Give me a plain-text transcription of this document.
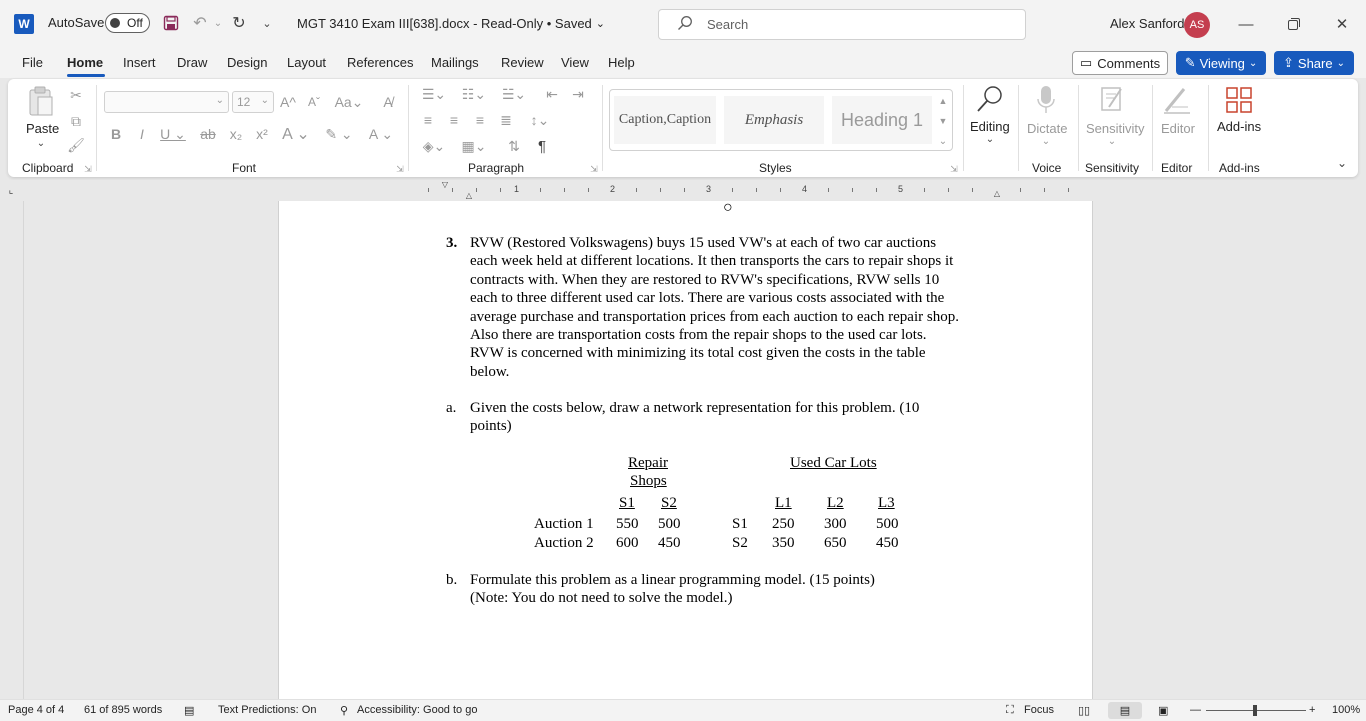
W	AutoSave Off	↶ ⌄ ↻	⌄	MGT 3410 Exam III[638].docx - Read-Only • Saved ⌄	Search	Alex Sanford AS	—	✕
File Home Insert Draw Design Layout References Mailings Review View Help	▭ Comments ✎ Viewing ⌄ ⇪ Share ⌄
Paste
⌄
✂
⧉
🖌
Clipboard ⇲
⌄	12 ⌄ A^	Aˇ Aa⌄	A̸
B	I	U ⌄ ab x₂ x² A ⌄ ✎ ⌄	A ⌄
Font	⇲
☰⌄ ☷⌄ ☱⌄ ⇤ ⇥
≡	≡	≡	≣	↕⌄
◈⌄	▦⌄ ⇅	¶
Paragraph	⇲
Caption,Caption	Emphasis	Heading 1
▲
▼
⌄
Styles	⇲
Editing
⌄
Dictate
⌄
Voice
Sensitivity
⌄
Sensitivity
Editor
Editor
Add-ins
Add-ins	⌄
⌞	1	2	3	4	5
▽
△	△
○
3. RVW (Restored Volkswagens) buys 15 used VW's at each of two car auctions
each week held at different locations. It then transports the cars to repair shops it
contracts with. When they are restored to RVW's specifications, RVW sells 10
each to three different used car lots. There are various costs associated with the
average purchase and transportation prices from each auction to each repair shop.
Also there are transportation costs from the repair shops to the used car lots.
RVW is concerned with minimizing its total cost given the costs in the table
below.
a. Given the costs below, draw a network representation for this problem. (10
points)
Repair
Shops
Used Car Lots
S1 S2	L1 L2 L3
Auction 1 550 500	S1 250 300 500
Auction 2 600 450	S2 350 650 450
b. Formulate this problem as a linear programming model. (15 points)
(Note: You do not need to solve the model.)
Page 4 of 4 61 of 895 words ▤ Text Predictions: On ⚲ Accessibility: Good to go	⛶ Focus ▯▯	▤	▣ —	+ 100%
